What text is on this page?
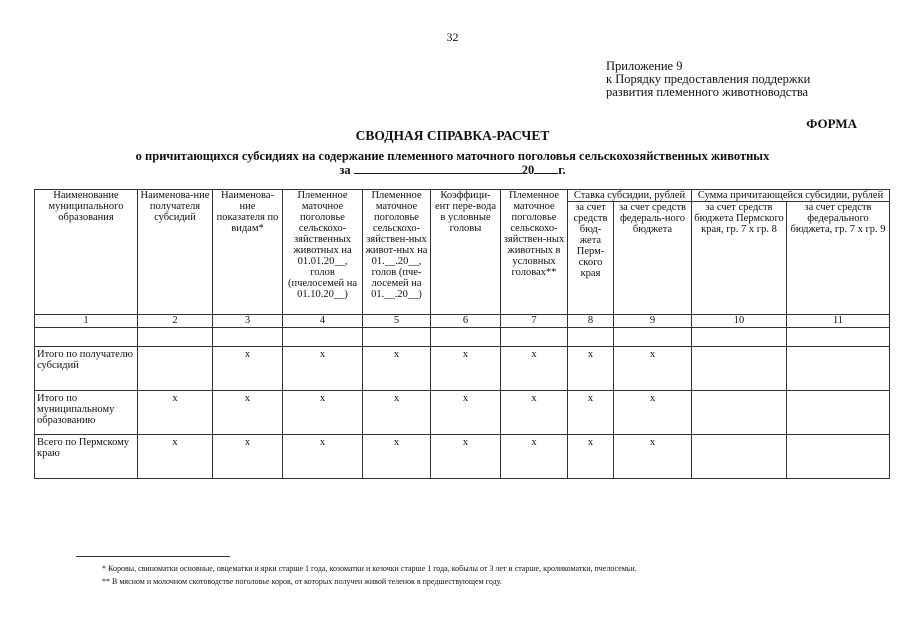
32
Приложение 9
к Порядку предоставления поддержки
развития племенного животноводства
ФОРМА
СВОДНАЯ СПРАВКА-РАСЧЕТ
о причитающихся субсидиях на содержание племенного маточного поголовья сельскохозяйственных животных
за	20 г.
Наименование муниципального образования	Наименова-ние получателя субсидий	Наименова-ние показателя по видам*	Племенное маточное поголовье сельскохо-зяйственных животных на 01.01.20__, голов (пчелосемей на 01.10.20__)	Племенное маточное поголовье сельскохо-зяйствен-ных живот-ных на 01.__.20__, голов (пче-лосемей на 01.__.20__)	Коэффици-ент пере-вода в условные головы	Племенное маточное поголовье сельскохо-зяйствен-ных животных в условных головах**	Ставка субсидии, рублей		Сумма причитающейся субсидии, рублей	
							за счет средств бюд-жета Перм-ского края	за счет средств федераль-ного бюджета	за счет средств бюджета Пермского края, гр. 7 х гр. 8	за счет средств федерального бюджета, гр. 7 х гр. 9
1	2	3	4	5	6	7	8	9	10	11

Итого по получателю субсидий		х	х	х	х	х	х	х		
Итого по муниципальному образованию	х	х	х	х	х	х	х	х		
Всего по Пермскому краю	х	х	х	х	х	х	х	х		
* Коровы, свиноматки основные, овцематки и ярки старше 1 года, козоматки и козочки старше 1 года, кобылы от 3 лет и старше, кроликоматки, пчелосемьи.
** В мясном и молочном скотоводстве поголовье коров, от которых получен живой теленок в предшествующем году.
